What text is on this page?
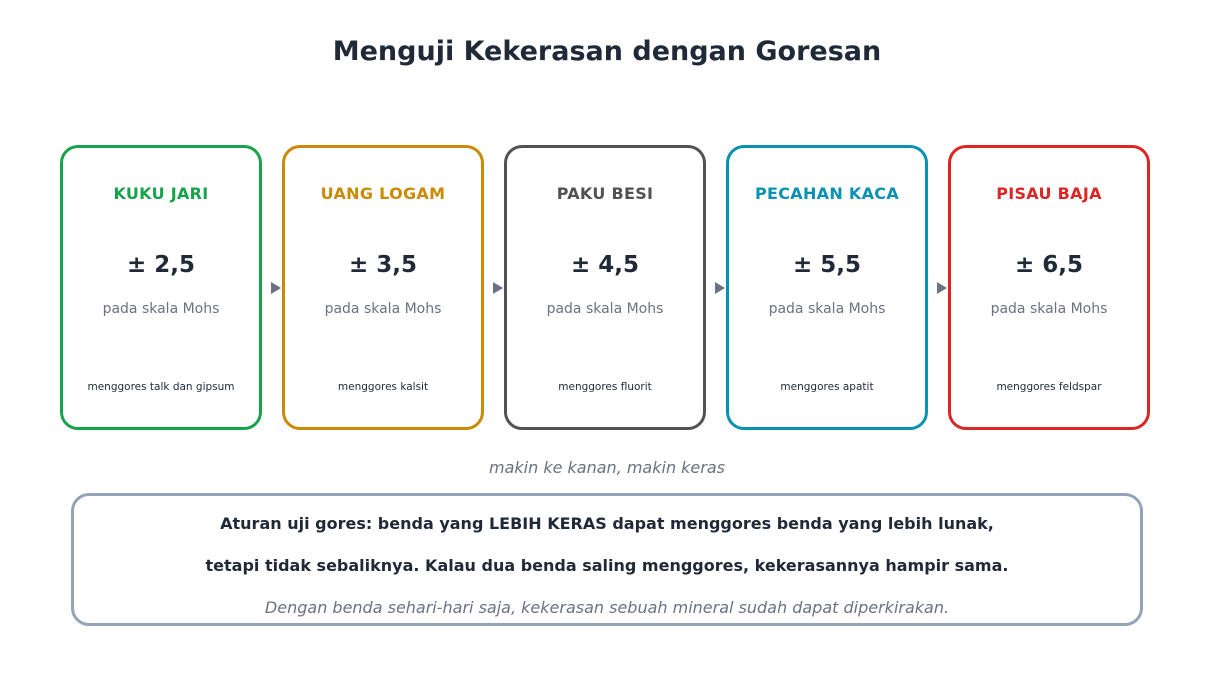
Menguji Kekerasan dengan Goresan
KUKU JARI
± 2,5
pada skala Mohs
menggores talk dan gipsum
UANG LOGAM
± 3,5
pada skala Mohs
menggores kalsit
PAKU BESI
± 4,5
pada skala Mohs
menggores fluorit
PECAHAN KACA
± 5,5
pada skala Mohs
menggores apatit
PISAU BAJA
± 6,5
pada skala Mohs
menggores feldspar
makin ke kanan, makin keras
Aturan uji gores: benda yang LEBIH KERAS dapat menggores benda yang lebih lunak,
tetapi tidak sebaliknya. Kalau dua benda saling menggores, kekerasannya hampir sama.
Dengan benda sehari-hari saja, kekerasan sebuah mineral sudah dapat diperkirakan.
